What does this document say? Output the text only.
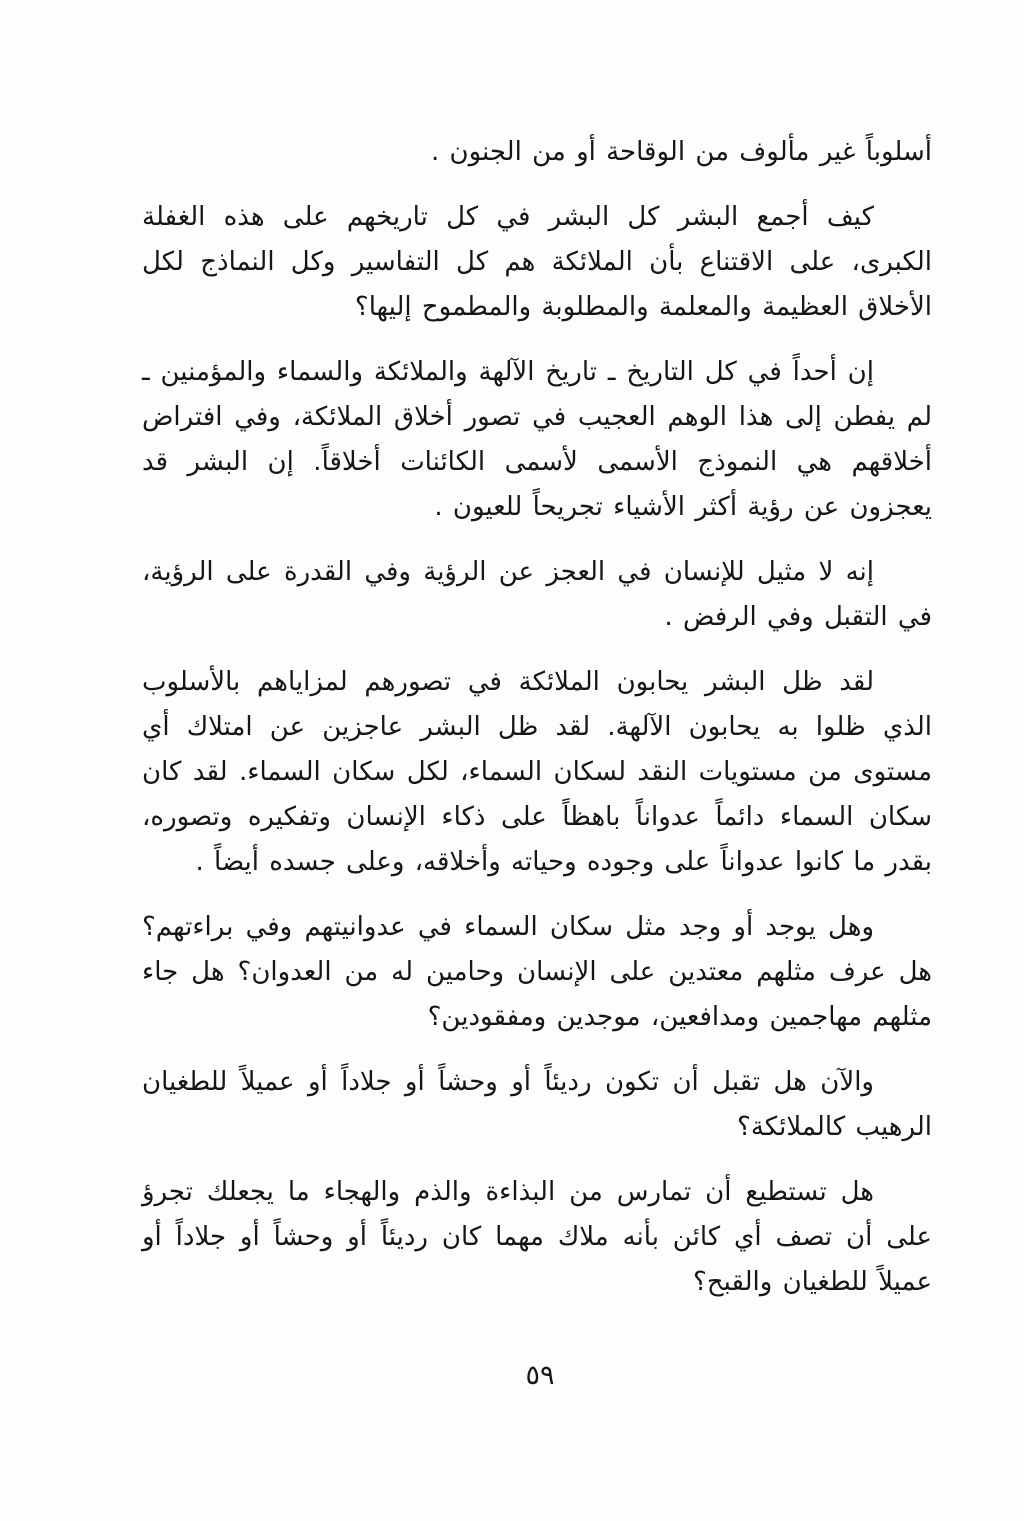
أسلوباً غير مألوف من الوقاحة أو من الجنون .

كيف أجمع البشر كل البشر في كل تاريخهم على هذه الغفلة الكبرى، على الاقتناع بأن الملائكة هم كل التفاسير وكل النماذج لكل الأخلاق العظيمة والمعلمة والمطلوبة والمطموح إليها؟

إن أحداً في كل التاريخ ـ تاريخ الآلهة والملائكة والسماء والمؤمنين ـ لم يفطن إلى هذا الوهم العجيب في تصور أخلاق الملائكة، وفي افتراض أخلاقهم هي النموذج الأسمى لأسمى الكائنات أخلاقاً. إن البشر قد يعجزون عن رؤية أكثر الأشياء تجريحاً للعيون .

إنه لا مثيل للإنسان في العجز عن الرؤية وفي القدرة على الرؤية، في التقبل وفي الرفض .

لقد ظل البشر يحابون الملائكة في تصورهم لمزاياهم بالأسلوب الذي ظلوا به يحابون الآلهة. لقد ظل البشر عاجزين عن امتلاك أي مستوى من مستويات النقد لسكان السماء، لكل سكان السماء. لقد كان سكان السماء دائماً عدواناً باهظاً على ذكاء الإنسان وتفكيره وتصوره، بقدر ما كانوا عدواناً على وجوده وحياته وأخلاقه، وعلى جسده أيضاً .

وهل يوجد أو وجد مثل سكان السماء في عدوانيتهم وفي براءتهم؟ هل عرف مثلهم معتدين على الإنسان وحامين له من العدوان؟ هل جاء مثلهم مهاجمين ومدافعين، موجدين ومفقودين؟

والآن هل تقبل أن تكون رديئاً أو وحشاً أو جلاداً أو عميلاً للطغيان الرهيب كالملائكة؟

هل تستطيع أن تمارس من البذاءة والذم والهجاء ما يجعلك تجرؤ على أن تصف أي كائن بأنه ملاك مهما كان رديئاً أو وحشاً أو جلاداً أو عميلاً للطغيان والقبح؟

٥٩
